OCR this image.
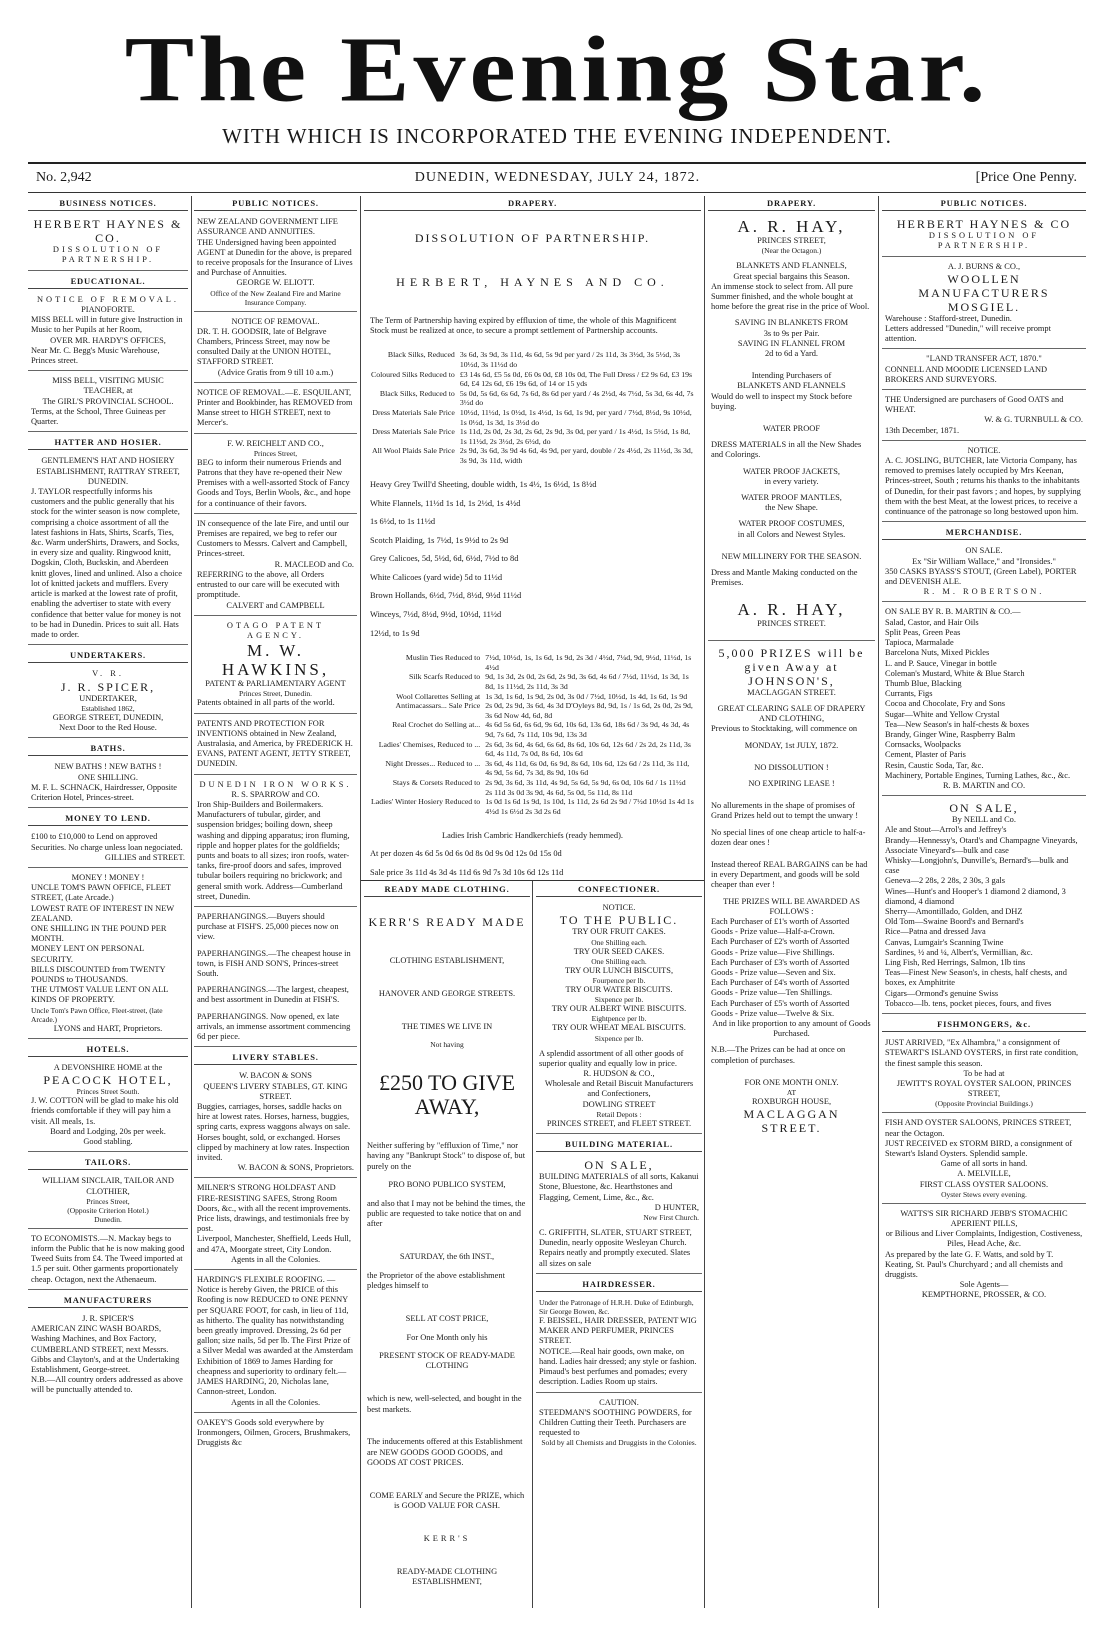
The Evening Star.
WITH WHICH IS INCORPORATED THE EVENING INDEPENDENT.
No. 2,942	DUNEDIN, WEDNESDAY, JULY 24, 1872.	[Price One Penny.
BUSINESS NOTICES.

HERBERT HAYNES & CO.

DISSOLUTION OF

PARTNERSHIP.

EDUCATIONAL.

NOTICE OF REMOVAL.

PIANOFORTE.

MISS BELL will in future give Instruction in Music to her Pupils at her Room,

OVER MR. HARDY'S OFFICES,

Near Mr. C. Begg's Music Warehouse, Princes street.

MISS BELL, VISITING MUSIC TEACHER, at

The GIRL'S PROVINCIAL SCHOOL.

Terms, at the School, Three Guineas per Quarter.

HATTER AND HOSIER.

GENTLEMEN'S HAT AND HOSIERY ESTABLISHMENT, RATTRAY STREET, DUNEDIN.

J. TAYLOR respectfully informs his customers and the public generally that his stock for the winter season is now complete, comprising a choice assortment of all the latest fashions in Hats, Shirts, Scarfs, Ties, &c. Warm underShirts, Drawers, and Socks, in every size and quality. Ringwood knitt, Dogskin, Cloth, Buckskin, and Aberdeen knitt gloves, lined and unlined. Also a choice lot of knitted jackets and mufflers. Every article is marked at the lowest rate of profit, enabling the advertiser to state with every confidence that better value for money is not to be had in Dunedin. Prices to suit all. Hats made to order.

UNDERTAKERS.

V. R.

J. R. SPICER,

UNDERTAKER,

Established 1862,

GEORGE STREET, DUNEDIN,

Next Door to the Red House.

BATHS.

NEW BATHS ! NEW BATHS !

ONE SHILLING.

M. F. L. SCHNACK, Hairdresser, Opposite Criterion Hotel, Princes-street.

MONEY TO LEND.

£100 to £10,000 to Lend on approved Securities. No charge unless loan negociated.

GILLIES and STREET.

MONEY ! MONEY !

UNCLE TOM'S PAWN OFFICE, FLEET STREET, (Late Arcade.)

LOWEST RATE OF INTEREST IN NEW ZEALAND.

ONE SHILLING IN THE POUND PER MONTH.

MONEY LENT ON PERSONAL SECURITY.

BILLS DISCOUNTED from TWENTY POUNDS to THOUSANDS.

THE UTMOST VALUE LENT ON ALL KINDS OF PROPERTY.

Uncle Tom's Pawn Office, Fleet-street, (late Arcade.)

LYONS and HART, Proprietors.

HOTELS.

A DEVONSHIRE HOME at the

PEACOCK HOTEL,

Princes Street South.

J. W. COTTON will be glad to make his old friends comfortable if they will pay him a visit. All meals, 1s.

Board and Lodging, 20s per week.

Good stabling.

TAILORS.

WILLIAM SINCLAIR, TAILOR AND CLOTHIER,

Princes Street,

(Opposite Criterion Hotel.)

Dunedin.

TO ECONOMISTS.—N. Mackay begs to inform the Public that he is now making good Tweed Suits from £4. The Tweed imported at 1.5 per suit. Other garments proportionately cheap. Octagon, next the Athenaeum.

MANUFACTURERS

J. R. SPICER'S

AMERICAN ZINC WASH BOARDS, Washing Machines, and Box Factory, CUMBERLAND STREET, next Messrs. Gibbs and Clayton's, and at the Undertaking Establishment, George-street.

N.B.—All country orders addressed as above will be punctually attended to.

PUBLIC NOTICES.

NEW ZEALAND GOVERNMENT LIFE ASSURANCE AND ANNUITIES.

THE Undersigned having been appointed AGENT at Dunedin for the above, is prepared to receive proposals for the Insurance of Lives and Purchase of Annuities.

GEORGE W. ELIOTT.

Office of the New Zealand Fire and Marine Insurance Company.

NOTICE OF REMOVAL.

DR. T. H. GOODSIR, late of Belgrave Chambers, Princess Street, may now be consulted Daily at the UNION HOTEL, STAFFORD STREET.

(Advice Gratis from 9 till 10 a.m.)

NOTICE OF REMOVAL.—E. ESQUILANT, Printer and Bookbinder, has REMOVED from Manse street to HIGH STREET, next to Mercer's.

F. W. REICHELT AND CO.,

Princes Street,

BEG to inform their numerous Friends and Patrons that they have re-opened their New Premises with a well-assorted Stock of Fancy Goods and Toys, Berlin Wools, &c., and hope for a continuance of their favors.

IN consequence of the late Fire, and until our Premises are repaired, we beg to refer our Customers to Messrs. Calvert and Campbell, Princes-street.

R. MACLEOD and Co.

REFERRING to the above, all Orders entrusted to our care will be executed with promptitude.

CALVERT and CAMPBELL

OTAGO PATENT AGENCY.

M. W. HAWKINS,

PATENT & PARLIAMENTARY AGENT

Princes Street, Dunedin.

Patents obtained in all parts of the world.

PATENTS AND PROTECTION FOR INVENTIONS obtained in New Zealand, Australasia, and America, by FREDERICK H. EVANS, PATENT AGENT, JETTY STREET, DUNEDIN.

DUNEDIN IRON WORKS.

R. S. SPARROW and CO.

Iron Ship-Builders and Boilermakers. Manufacturers of tubular, girder, and suspension bridges; boiling down, sheep washing and dipping apparatus; iron fluming, ripple and hopper plates for the goldfields; punts and boats to all sizes; iron roofs, water-tanks, fire-proof doors and safes, improved tubular boilers requiring no brickwork; and general smith work. Address—Cumberland street, Dunedin.

PAPERHANGINGS.—Buyers should purchase at FISH'S. 25,000 pieces now on view.

PAPERHANGINGS.—The cheapest house in town, is FISH AND SON'S, Princes-street South.

PAPERHANGINGS.—The largest, cheapest, and best assortment in Dunedin at FISH'S.

PAPERHANGINGS. Now opened, ex late arrivals, an immense assortment commencing 6d per piece.

LIVERY STABLES.

W. BACON & SONS

QUEEN'S LIVERY STABLES, GT. KING STREET.

Buggies, carriages, horses, saddle hacks on hire at lowest rates. Horses, harness, buggies, spring carts, express waggons always on sale. Horses bought, sold, or exchanged. Horses clipped by machinery at low rates. Inspection invited.

W. BACON & SONS, Proprietors.

MILNER'S STRONG HOLDFAST AND FIRE-RESISTING SAFES, Strong Room Doors, &c., with all the recent improvements.

Price lists, drawings, and testimonials free by post.

Liverpool, Manchester, Sheffield, Leeds Hull, and 47A, Moorgate street, City London.

Agents in all the Colonies.

HARDING'S FLEXIBLE ROOFING. —Notice is hereby Given, the PRICE of this Roofing is now REDUCED to ONE PENNY per SQUARE FOOT, for cash, in lieu of 11d, as hitherto. The quality has notwithstanding been greatly improved. Dressing, 2s 6d per gallon; size nails, 5d per lb. The First Prize of a Silver Medal was awarded at the Amsterdam Exhibition of 1869 to James Harding for cheapness and superiority to ordinary felt.—JAMES HARDING, 20, Nicholas lane, Cannon-street, London.

Agents in all the Colonies.

OAKEY'S Goods sold everywhere by Ironmongers, Oilmen, Grocers, Brushmakers, Druggists &c

DRAPERY.

DISSOLUTION OF PARTNERSHIP.

HERBERT, HAYNES AND CO.

The Term of Partnership having expired by effluxion of time, the whole of this Magnificent Stock must be realized at once, to secure a prompt settlement of Partnership accounts.

Black Silks, Reduced	3s 6d, 3s 9d, 3s 11d, 4s 6d, 5s 9d per yard / 2s 11d, 3s 3½d, 3s 5½d, 3s 10½d, 3s 11½d do
Coloured Silks Reduced to	£3 14s 6d, £5 5s 0d, £6 0s 0d, £8 10s 0d, The Full Dress / £2 9s 6d, £3 19s 6d, £4 12s 6d, £6 19s 6d, of 14 or 15 yds
Black Silks, Reduced to	5s 0d, 5s 6d, 6s 6d, 7s 6d, 8s 6d per yard / 4s 2½d, 4s 7½d, 5s 3d, 6s 4d, 7s 3½d do
Dress Materials Sale Price	10½d, 11½d, 1s 0½d, 1s 4½d, 1s 6d, 1s 9d, per yard / 7½d, 8½d, 9s 10½d, 1s 0½d, 1s 3d, 1s 3½d do
Dress Materials Sale Price	1s 11d, 2s 0d, 2s 3d, 2s 6d, 2s 9d, 3s 0d, per yard / 1s 4½d, 1s 5½d, 1s 8d, 1s 11½d, 2s 3½d, 2s 6½d, do
All Wool Plaids Sale Price	2s 9d, 3s 6d, 3s 9d 4s 6d, 4s 9d, per yard, double / 2s 4½d, 2s 11½d, 3s 3d, 3s 9d, 3s 11d, width

Heavy Grey Twill'd Sheeting, double width, 1s 4½, 1s 6½d, 1s 8½d

White Flannels, 11½d 1s 1d, 1s 2½d, 1s 4½d

1s 6½d, to 1s 11½d

Scotch Plaiding, 1s 7½d, 1s 9½d to 2s 9d

Grey Calicoes, 5d, 5½d, 6d, 6½d, 7½d to 8d

White Calicoes (yard wide) 5d to 11½d

Brown Hollands, 6½d, 7½d, 8½d, 9½d 11½d

Winceys, 7½d, 8½d, 9½d, 10½d, 11½d

12½d, to 1s 9d

Muslin Ties Reduced to	7½d, 10½d, 1s, 1s 6d, 1s 9d, 2s 3d / 4½d, 7¼d, 9d, 9½d, 11½d, 1s 4½d
Silk Scarfs Reduced to	9d, 1s 3d, 2s 0d, 2s 6d, 2s 9d, 3s 6d, 4s 6d / 7½d, 11½d, 1s 3d, 1s 8d, 1s 11½d, 2s 11d, 3s 3d
Wool Collarettes Selling at	1s 3d, 1s 6d, 1s 9d, 2s 0d, 3s 0d / 7½d, 10½d, 1s 4d, 1s 6d, 1s 9d
Antimacassars... Sale Price	2s 0d, 2s 9d, 3s 6d, 4s 3d D'Oyleys 8d, 9d, 1s / 1s 6d, 2s 0d, 2s 9d, 3s 6d Now 4d, 6d, 8d
Real Crochet do Selling at...	4s 6d 5s 6d, 6s 6d, 9s 6d, 10s 6d, 13s 6d, 18s 6d / 3s 9d, 4s 3d, 4s 9d, 7s 6d, 7s 11d, 10s 9d, 13s 3d
Ladies' Chemises, Reduced to ...	2s 6d, 3s 6d, 4s 6d, 6s 6d, 8s 6d, 10s 6d, 12s 6d / 2s 2d, 2s 11d, 3s 6d, 4s 11d, 7s 0d, 8s 6d, 10s 6d
Night Dresses... Reduced to ...	3s 6d, 4s 11d, 6s 0d, 6s 9d, 8s 6d, 10s 6d, 12s 6d / 2s 11d, 3s 11d, 4s 9d, 5s 6d, 7s 3d, 8s 9d, 10s 6d
Stays & Corsets Reduced to	2s 9d, 3s 6d, 3s 11d, 4s 9d, 5s 6d, 5s 9d, 6s 0d, 10s 6d / 1s 11½d 2s 11d 3s 0d 3s 9d, 4s 6d, 5s 0d, 5s 11d, 8s 11d
Ladies' Winter Hosiery Reduced to	1s 0d 1s 6d 1s 9d, 1s 10d, 1s 11d, 2s 6d 2s 9d / 7½d 10½d 1s 4d 1s 4½d 1s 6½d 2s 3d 2s 6d

Ladies Irish Cambric Handkerchiefs (ready hemmed).

At per dozen 4s 6d 5s 0d 6s 0d 8s 0d 9s 0d 12s 0d 15s 0d

Sale price 3s 11d 4s 3d 4s 11d 6s 9d 7s 3d 10s 6d 12s 11d

READY MADE CLOTHING.

KERR'S READY MADE

CLOTHING ESTABLISHMENT,

HANOVER AND GEORGE STREETS.

THE TIMES WE LIVE IN

Not having

£250 TO GIVE AWAY,

Neither suffering by "effluxion of Time," nor having any "Bankrupt Stock" to dispose of, but purely on the

PRO BONO PUBLICO SYSTEM,

and also that I may not be behind the times, the public are requested to take notice that on and after

SATURDAY, the 6th INST.,

the Proprietor of the above establishment pledges himself to

SELL AT COST PRICE,

For One Month only his

PRESENT STOCK OF READY-MADE CLOTHING

which is new, well-selected, and bought in the best markets.

The inducements offered at this Establishment are NEW GOODS GOOD GOODS, and GOODS AT COST PRICES.

COME EARLY and Secure the PRIZE, which is GOOD VALUE FOR CASH.

KERR'S

READY-MADE CLOTHING ESTABLISHMENT,

CONFECTIONER.

NOTICE.

TO THE PUBLIC.

TRY OUR FRUIT CAKES.

One Shilling each.

TRY OUR SEED CAKES.

One Shilling each.

TRY OUR LUNCH BISCUITS,

Fourpence per lb.

TRY OUR WATER BISCUITS.

Sixpence per lb.

TRY OUR ALBERT WINE BISCUITS.

Eightpence per lb.

TRY OUR WHEAT MEAL BISCUITS.

Sixpence per lb.

A splendid assortment of all other goods of superior quality and equally low in price.

R. HUDSON & CO.,

Wholesale and Retail Biscuit Manufacturers and Confectioners,

DOWLING STREET

Retail Depots :

PRINCES STREET, and FLEET STREET.

BUILDING MATERIAL.

ON SALE,

BUILDING MATERIALS of all sorts, Kakanui Stone, Bluestone, &c. Hearthstones and Flagging, Cement, Lime, &c., &c.

D HUNTER,

New First Church.

C. GRIFFITH, SLATER, STUART STREET, Dunedin, nearly opposite Wesleyan Church. Repairs neatly and promptly executed. Slates all sizes on sale

HAIRDRESSER.

Under the Patronage of H.R.H. Duke of Edinburgh, Sir George Bowen, &c.

F. BEISSEL, HAIR DRESSER, PATENT WIG MAKER AND PERFUMER, PRINCES STREET.

NOTICE.—Real hair goods, own make, on hand. Ladies hair dressed; any style or fashion. Pimaud's best perfumes and pomades; every description. Ladies Room up stairs.

CAUTION.

STEEDMAN'S SOOTHING POWDERS, for Children Cutting their Teeth. Purchasers are requested to

Sold by all Chemists and Druggists in the Colonies.

DRAPERY.

A. R. HAY,

PRINCES STREET,

(Near the Octagon.)

BLANKETS AND FLANNELS,

Great special bargains this Season.

An immense stock to select from. All pure Summer finished, and the whole bought at home before the great rise in the price of Wool.

SAVING IN BLANKETS FROM

3s to 9s per Pair.

SAVING IN FLANNEL FROM

2d to 6d a Yard.

Intending Purchasers of

BLANKETS AND FLANNELS

Would do well to inspect my Stock before buying.

WATER PROOF

DRESS MATERIALS in all the New Shades and Colorings.

WATER PROOF JACKETS,

in every variety.

WATER PROOF MANTLES,

the New Shape.

WATER PROOF COSTUMES,

in all Colors and Newest Styles.

NEW MILLINERY FOR THE SEASON.

Dress and Mantle Making conducted on the Premises.

A. R. HAY,

PRINCES STREET.

5,000 PRIZES will be given Away at

JOHNSON'S,

MACLAGGAN STREET.

GREAT CLEARING SALE OF DRAPERY AND CLOTHING,

Previous to Stocktaking, will commence on

MONDAY, 1st JULY, 1872.

NO DISSOLUTION !

NO EXPIRING LEASE !

No allurements in the shape of promises of Grand Prizes held out to tempt the unwary !

No special lines of one cheap article to half-a-dozen dear ones !

Instead thereof REAL BARGAINS can be had in every Department, and goods will be sold cheaper than ever !

THE PRIZES WILL BE AWARDED AS FOLLOWS :

Each Purchaser of £1's worth of Assorted Goods - Prize value—Half-a-Crown.

Each Purchaser of £2's worth of Assorted Goods - Prize value—Five Shillings.

Each Purchaser of £3's worth of Assorted Goods - Prize value—Seven and Six.

Each Purchaser of £4's worth of Assorted Goods - Prize value—Ten Shillings.

Each Purchaser of £5's worth of Assorted Goods - Prize value—Twelve & Six.

And in like proportion to any amount of Goods Purchased.

N.B.—The Prizes can be had at once on completion of purchases.

FOR ONE MONTH ONLY.

AT

ROXBURGH HOUSE,

MACLAGGAN STREET.

PUBLIC NOTICES.

HERBERT HAYNES & CO

DISSOLUTION OF

PARTNERSHIP.

A. J. BURNS & CO.,

WOOLLEN MANUFACTURERS MOSGIEL.

Warehouse : Stafford-street, Dunedin.

Letters addressed "Dunedin," will receive prompt attention.

"LAND TRANSFER ACT, 1870."

CONNELL AND MOODIE LICENSED LAND BROKERS AND SURVEYORS.

THE Undersigned are purchasers of Good OATS and WHEAT.

W. & G. TURNBULL & CO.

13th December, 1871.

NOTICE.

A. C. JOSLING, BUTCHER, late Victoria Company, has removed to premises lately occupied by Mrs Keenan, Princes-street, South ; returns his thanks to the inhabitants of Dunedin, for their past favors ; and hopes, by supplying them with the best Meat, at the lowest prices, to receive a continuance of the patronage so long bestowed upon him.

MERCHANDISE.

ON SALE.

Ex "Sir William Wallace," and "Ironsides."

350 CASKS BYASS'S STOUT, (Green Label), PORTER and DEVENISH ALE.

R. M. ROBERTSON.

ON SALE BY R. B. MARTIN & CO.—

Salad, Castor, and Hair Oils

Split Peas, Green Peas

Tapioca, Marmalade

Barcelona Nuts, Mixed Pickles

L. and P. Sauce, Vinegar in bottle

Coleman's Mustard, White & Blue Starch

Thumb Blue, Blacking

Currants, Figs

Cocoa and Chocolate, Fry and Sons

Sugar—White and Yellow Crystal

Tea—New Season's in half-chests & boxes

Brandy, Ginger Wine, Raspberry Balm

Cornsacks, Woolpacks

Cement, Plaster of Paris

Resin, Caustic Soda, Tar, &c.

Machinery, Portable Engines, Turning Lathes, &c., &c.

R. B. MARTIN and CO.

ON SALE,

By NEILL and Co.

Ale and Stout—Arrol's and Jeffrey's

Brandy—Hennessy's, Otard's and Champagne Vineyards, Associate Vineyard's—bulk and case

Whisky—Longjohn's, Dunville's, Bernard's—bulk and case

Geneva—2 28s, 2 28s, 2 30s, 3 gals

Wines—Hunt's and Hooper's 1 diamond 2 diamond, 3 diamond, 4 diamond

Sherry—Amontillado, Golden, and DHZ

Old Tom—Swaine Boord's and Bernard's

Rice—Patna and dressed Java

Canvas, Lumgair's Scanning Twine

Sardines, ½ and ¼, Albert's, Vermillian, &c.

Ling Fish, Red Herrings, Salmon, 1lb tins

Teas—Finest New Season's, in chests, half chests, and boxes, ex Amphitrite

Cigars—Ormond's genuine Swiss

Tobacco—lb. tens, pocket pieces, fours, and fives

FISHMONGERS, &c.

JUST ARRIVED, "Ex Alhambra," a consignment of STEWART'S ISLAND OYSTERS, in first rate condition, the finest sample this season.

To be had at

JEWITT'S ROYAL OYSTER SALOON, PRINCES STREET,

(Opposite Provincial Buildings.)

FISH AND OYSTER SALOONS, PRINCES STREET, near the Octagon.

JUST RECEIVED ex STORM BIRD, a consignment of Stewart's Island Oysters. Splendid sample.

Game of all sorts in hand.

A. MELVILLE,

FIRST CLASS OYSTER SALOONS.

Oyster Stews every evening.

WATTS'S SIR RICHARD JEBB'S STOMACHIC APERIENT PILLS,

or Bilious and Liver Complaints, Indigestion, Costiveness, Piles, Head Ache, &c.

As prepared by the late G. F. Watts, and sold by T. Keating, St. Paul's Churchyard ; and all chemists and druggists.

Sole Agents—

KEMPTHORNE, PROSSER, & CO.
